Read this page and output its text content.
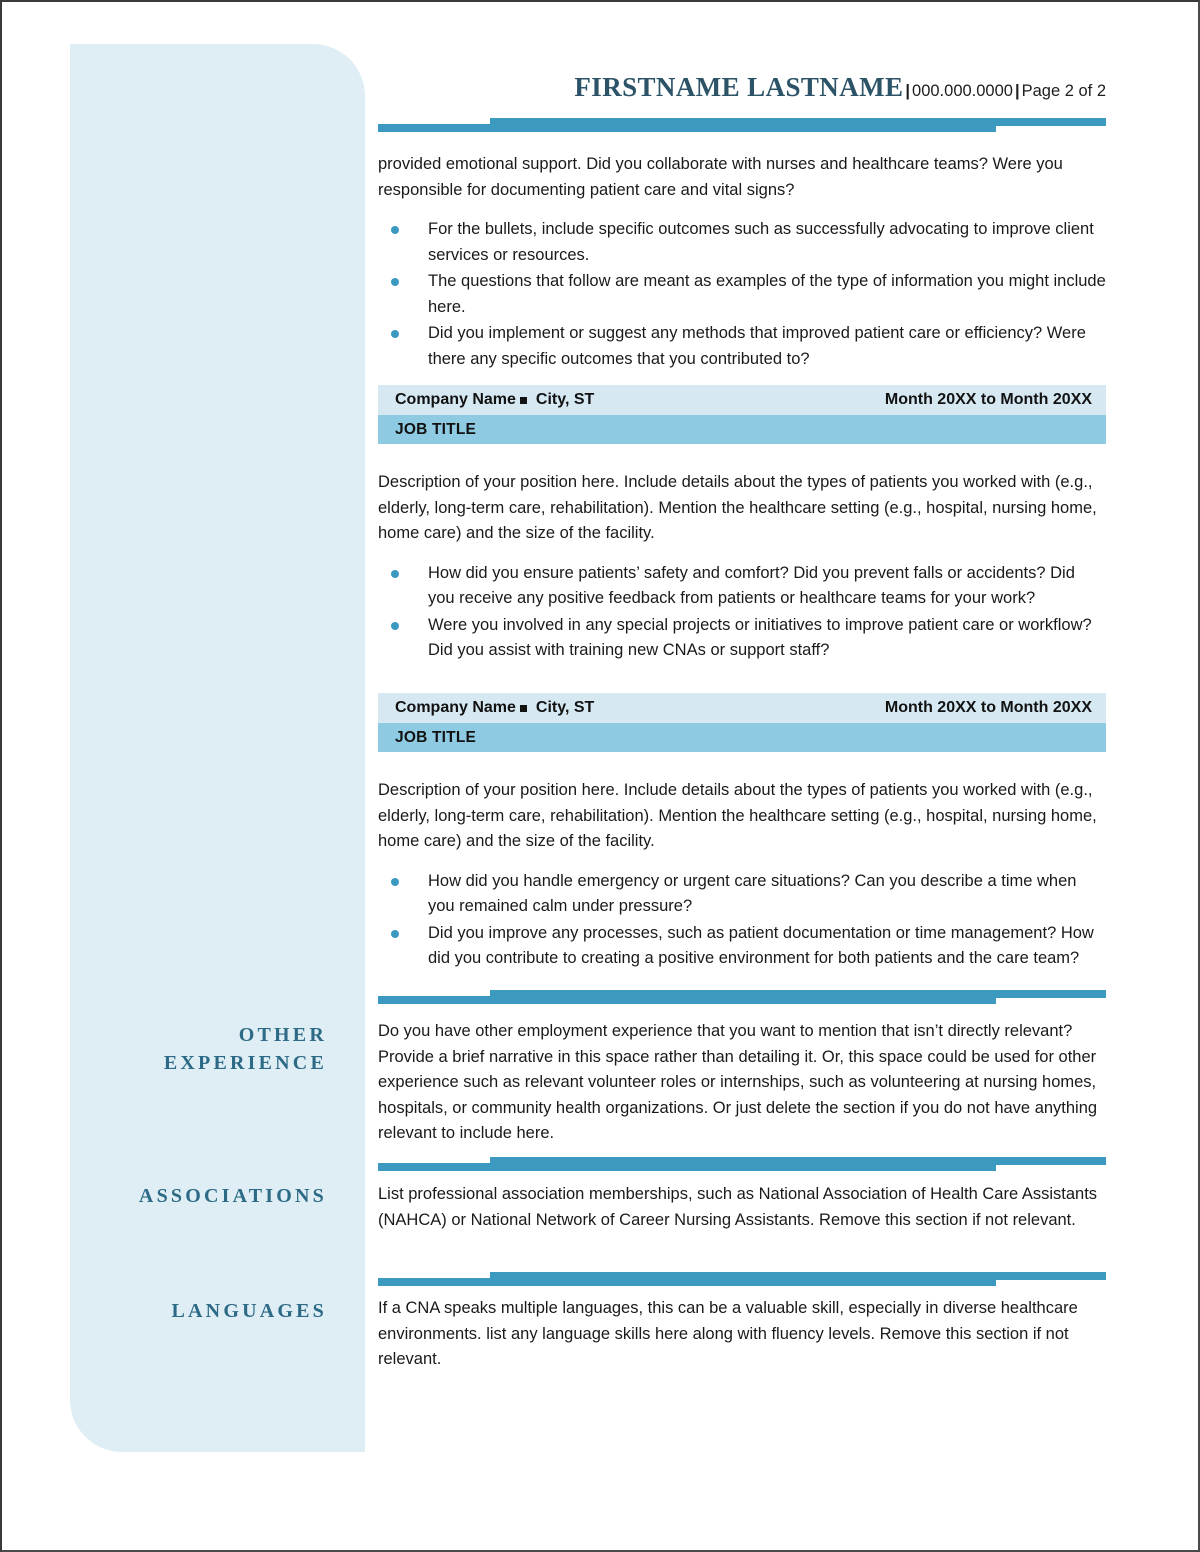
FIRSTNAME LASTNAME | 000.000.0000 | Page 2 of 2

provided emotional support. Did you collaborate with nurses and healthcare teams? Were you responsible for documenting patient care and vital signs?

For the bullets, include specific outcomes such as successfully advocating to improve client services or resources.
The questions that follow are meant as examples of the type of information you might include here.
Did you implement or suggest any methods that improved patient care or efficiency? Were there any specific outcomes that you contributed to?
Company Name City, ST	Month 20XX to Month 20XX
JOB TITLE

Description of your position here. Include details about the types of patients you worked with (e.g., elderly, long-term care, rehabilitation). Mention the healthcare setting (e.g., hospital, nursing home, home care) and the size of the facility.

How did you ensure patients’ safety and comfort? Did you prevent falls or accidents? Did you receive any positive feedback from patients or healthcare teams for your work?
Were you involved in any special projects or initiatives to improve patient care or workflow? Did you assist with training new CNAs or support staff?
Company Name City, ST	Month 20XX to Month 20XX
JOB TITLE

Description of your position here. Include details about the types of patients you worked with (e.g., elderly, long-term care, rehabilitation). Mention the healthcare setting (e.g., hospital, nursing home, home care) and the size of the facility.

How did you handle emergency or urgent care situations? Can you describe a time when you remained calm under pressure?
Did you improve any processes, such as patient documentation or time management? How did you contribute to creating a positive environment for both patients and the care team?
OTHER
EXPERIENCE

Do you have other employment experience that you want to mention that isn’t directly relevant? Provide a brief narrative in this space rather than detailing it. Or, this space could be used for other experience such as relevant volunteer roles or internships, such as volunteering at nursing homes, hospitals, or community health organizations. Or just delete the section if you do not have anything relevant to include here.

ASSOCIATIONS	List professional association memberships, such as National Association of Health Care Assistants (NAHCA) or National Network of Career Nursing Assistants. Remove this section if not relevant.

LANGUAGES	If a CNA speaks multiple languages, this can be a valuable skill, especially in diverse healthcare environments. list any language skills here along with fluency levels. Remove this section if not relevant.
